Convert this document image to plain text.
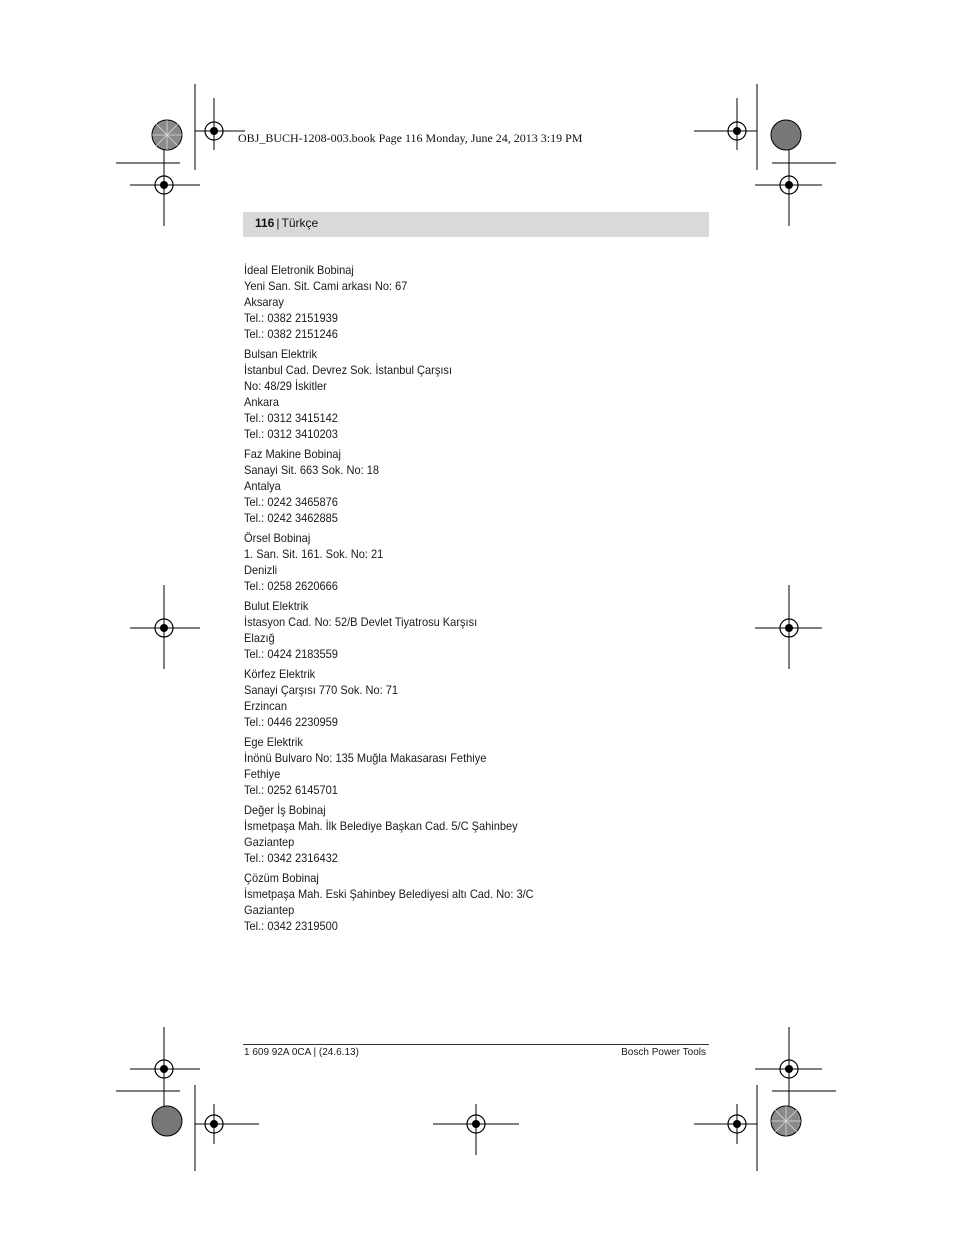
OBJ_BUCH-1208-003.book Page 116 Monday, June 24, 2013 3:19 PM
116 | Türkçe
İdeal Eletronik Bobinaj
Yeni San. Sit. Cami arkası No: 67
Aksaray
Tel.: 0382 2151939
Tel.: 0382 2151246
Bulsan Elektrik
İstanbul Cad. Devrez Sok. İstanbul Çarşısı
No: 48/29 İskitler
Ankara
Tel.: 0312 3415142
Tel.: 0312 3410203
Faz Makine Bobinaj
Sanayi Sit. 663 Sok. No: 18
Antalya
Tel.: 0242 3465876
Tel.: 0242 3462885
Örsel Bobinaj
1. San. Sit. 161. Sok. No: 21
Denizli
Tel.: 0258 2620666
Bulut Elektrik
İstasyon Cad. No: 52/B Devlet Tiyatrosu Karşısı
Elazığ
Tel.: 0424 2183559
Körfez Elektrik
Sanayi Çarşısı 770 Sok. No: 71
Erzincan
Tel.: 0446 2230959
Ege Elektrik
İnönü Bulvaro No: 135 Muğla Makasarası Fethiye
Fethiye
Tel.: 0252 6145701
Değer İş Bobinaj
İsmetpaşa Mah. İlk Belediye Başkan Cad. 5/C Şahinbey
Gaziantep
Tel.: 0342 2316432
Çözüm Bobinaj
İsmetpaşa Mah. Eski Şahinbey Belediyesi altı Cad. No: 3/C
Gaziantep
Tel.: 0342 2319500
1 609 92A 0CA | (24.6.13)	Bosch Power Tools
